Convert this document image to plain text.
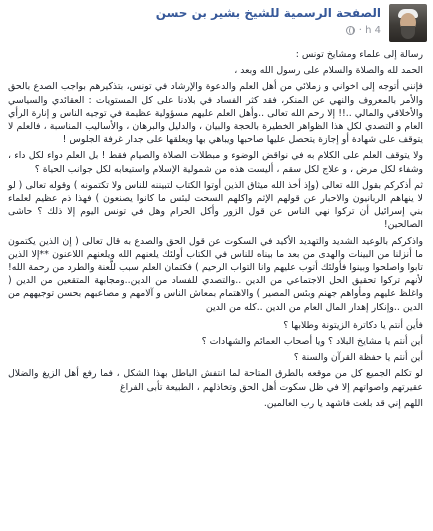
الصفحة الرسمية للشيخ بشير بن حسن
4 h ·

رسالة إلى علماء ومشايخ تونس :

الحمد لله والصلاة والسلام على رسول الله وبعد ،

فإنني أتوجه إلى اخواني و زملائي من أهل العلم والدعوة والإرشاد في تونس، بتذكيرهم بواجب الصدع بالحق والأمر بالمعروف والنهي عن المنكر، فقد كثر الفساد في بلادنا على كل المستويات : العقائدي والسياسي والأخلاقي والمالي ..!! إلا رحم الله تعالى ..وأهل العلم عليهم مسؤولية عظيمة في توجيه الناس و إنارة الرأي العام و التصدي لكل هذا الظواهر الخطيرة بالحجة والبيان ، والدليل والبرهان ، والأساليب المناسبة ، فالعلم لا يتوقف على شهادة أو إجازة يتحصل عليها صاحبها ويباهي بها ويعلقها على جدار غرفة الجلوس !

ولا يتوقف العلم على الكلام به في نواقض الوضوء و مبطلات الصلاة والصيام فقط ! بل العلم دواء لكل داء ، وشفاء لكل مرض ، و علاج لكل سقم ، أليست هذه من شمولية الإسلام واستيعابه لكل جوانب الحياة ؟

ثم أذكركم بقول الله تعالى (وإذ أخذ الله ميثاق الذين أوتوا الكتاب لتبيننه للناس ولا تكتمونه ) وقوله تعالى ( لو لا ينهاهم الربانيون والاحبار عن قولهم الإثم واكلهم السحت لبئس ما كانوا يصنعون ) فهذا ذم عظيم لعلماء بني إسرائيل أن تركوا نهي الناس عن قول الزور وأكل الحرام وهل في تونس اليوم إلا ذلك ؟ حاشى الصالحين!

واذكركم بالوعيد الشديد والتهديد الأكيد في السكوت عن قول الحق والصدع به قال تعالى ( إن الذين يكتمون ما أنزلنا من البينات والهدى من بعد ما بيناه للناس في الكتاب أولئك يلعنهم الله ويلعنهم اللاعنون **إلا الذين تابوا واصلحوا وبينوا فأولئك أتوب عليهم وانا التواب الرحيم ) فكتمان العلم سبب للّعنة والطرد من رحمة الله! لأنهم تركوا تحقيق الحل الاجتماعي من الدين ..والتصدي للفساد من الدين..ومجابهة المتقعين من الدين ( واغلظ عليهم ومأواهم جهنم وبئس المصير ) والاهتمام بمعاش الناس و آلامهم و مصاعبهم بحسن توجيههم من الدين ..وإنكار إهدار المال العام من الدين ..كله من الدين

فأين أنتم يا دكاترة الزيتونة وطلابها ؟

أين أنتم يا مشايخ البلاد ؟ ويا أصحاب العمائم والشهادات ؟

أين أنتم يا حفظة القرآن والسنة ؟

لو تكلم الجميع كل من موقعه بالطرق المتاحة لما انتفش الباطل بهذا الشكل ، فما رفع أهل الزيغ والضلال عقيرتهم واصواتهم إلا في ظل سكوت أهل الحق وتخاذلهم ، الطبيعة تأبى الفراغ

اللهم إني قد بلغت فاشهد يا رب العالمين.
